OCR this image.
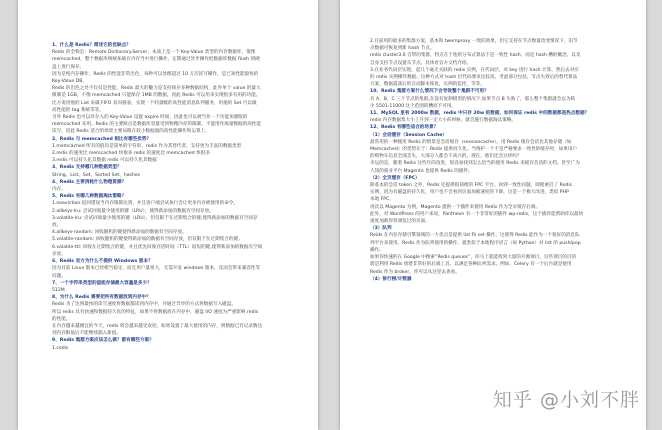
1、什么是 Redis？简述它的优缺点？

Redis 的全称是：Remote Dictionary.Server，本质上是一个 Key-Value 类型的内存数据库，很像

memcached，整个数据库统统加载在内存当中进行操作，定期通过异步操作把数据库数据 flush 到硬

盘上进行保存。

因为是纯内存操作，Redis 的性能非常出色，每秒可以处理超过 10 万次读写操作，是已知性能最快的

Key-Value DB。

Redis 的出色之处不仅仅是性能，Redis 最大的魅力是支持保存多种数据结构，此外单个 value 的最大

限制是 1GB，不像 memcached 只能保存 1MB 的数据，因此 Redis 可以用来实现很多有用的功能。

比方说用他的 List 来做 FIFO 双向链表，实现一个轻量级的高性能消息队列服务，用他的 Set 可以做

高性能的 tag 系统等等。

另外 Redis 也可以对存入的 Key-Value 设置 expire 时间，因此也可以被当作一个功能加强版的

memcached 来用。Redis 的主要缺点是数据库容量受到物理内存的限制，不能用作海量数据的高性能

读写，因此 Redis 适合的场景主要局限在较小数据量的高性能操作和运算上。

2、Redis 与 memcached 相比有哪些优势？

1.memcached 所有的值均是简单的字符串，redis 作为其替代者，支持更为丰富的数据类型

2.redis 的速度比 memcached 快很多 redis 的速度比 memcached 快很多

3.redis 可以持久化其数据 redis 可以持久化其数据

3、Redis 支持哪几种数据类型？

String、List、Set、Sorted Set、hashes

4、Redis 主要消耗什么物理资源？

内存。

5、Redis 有哪几种数据淘汰策略？

1.noeviction:返回错误当内存限制达到，并且客户端尝试执行会让更多内存被使用的命令。

2.allkeys-lru: 尝试回收最少使用的键（LRU），使得新添加的数据有空间存放。

3.volatile-lru: 尝试回收最少使用的键（LRU），但仅限于在过期集合的键,使得新添加的数据有空间存

放。

4.allkeys-random: 回收随机的键使得新添加的数据有空间存放。

5.volatile-random: 回收随机的键使得新添加的数据有空间存放，但仅限于在过期集合的键。

6.volatile-ttl: 回收在过期集合的键，并且优先回收存活时间（TTL）较短的键,使得新添加的数据有空间

存放。

6、Redis 官方为什么不提供 Windows 版本？

因为目前 Linux 版本已经相当稳定，而且用户量很大，无需开发 windows 版本，反而会带来兼容性等

问题。

7、一个字符串类型的值能存储最大容量是多少？

512M

8、为什么 Redis 需要把所有数据放到内存中？

Redis 为了达到最快的读写速度将数据都读到内存中，并通过异步的方式将数据写入磁盘。

所以 redis 具有快速和数据持久化的特征，如果不将数据放在内存中，磁盘 I/O 速度为严重影响 redis

的性能。

在内存越来越便宜的今天，redis 将会越来越受欢迎，如果设置了最大使用的内存，则数据已有记录数达

到内存限值后不能继续插入新值。

9、Redis 集群方案应该怎么做？都有哪些方案？

1.codis

2.目前用的最多的集群方案，基本和 twemproxy 一致的效果，但它支持在节点数量改变情况下，旧节

点数据可恢复到新 hash 节点。

redis cluster3.0 自带的集群，特点在于他的分布式算法不是一致性 hash，而是 hash 槽的概念，以及

自身支持节点设置从节点。具体看官方文档介绍。

3.在业务代码层实现，起几个毫无关联的 redis 实例，在代码层，对 key 进行 hash 计算，然后去对应

的 redis 实例操作数据。这种方式对 hash 层代码要求比较高，考虑部分包括，节点失效后的替代算法

方案，数据震荡后的自动脚本恢复，实例的监控，等等。

10、Redis 集群方案什么情况下会导致整个集群不可用？

有 A，B，C 三个节点的集群,在没有复制模型的情况下,如果节点 B 失败了，那么整个集群就会以为缺

少 5501-11000 这个范围的槽而不可用。

11、MySQL 里有 2000w 数据，redis 中只存 20w 的数据，如何保证 redis 中的数据都是热点数据？

redis 内存数据集大小上升到一定大小的时候，就会施行数据淘汰策略。

12、Redis 有哪些适合的场景？

（1）会话缓存（Session Cache）

最常用的一种使用 Redis 的情景是会话缓存（sessioncache）。用 Redis 缓存会话比其他存储（如

Memcached）的优势在于：Redis 提供持久化。当维护一个不是严格要求一致性的缓存时，如果用户

的购物车信息全部丢失，大部分人都会不高兴的，现在，他们还会这样吗？

幸运的是，随着 Redis 这些年的改进，很容易找到怎么恰当的使用 Redis 来缓存会话的文档。甚至广为

人知的商业平台 Magento 也提供 Redis 的插件。

（2）全页缓存（FPC）

除基本的会话 token 之外，Redis 还提供很简便的 FPC 平台。回到一致性问题，即使重启了 Redis

实例，因为有磁盘的持久化，用户也不会看到页面加载速度的下降，这是一个极大改进，类似 PHP

本地 FPC。

再次以 Magento 为例，Magento 提供一个插件来使用 Redis 作为全页缓存后端。

此外，对 WordPress 的用户来说，Pantheon 有一个非常好的插件 wp-redis，这个插件能帮助你以最快

速度加载你曾浏览过的页面。

（3）队列

Reids 在内存存储引擎领域的一大优点是提供 list 和 set 操作，这使得 Redis 能作为一个很好的消息队

列平台来使用。Redis 作为队列使用的操作，就类似于本地程序语言（如 Python）对 list 的 push/pop

操作。

如果你快速的在 Google 中搜索“Redis queues”，你马上就能找到大量的开源项目，这些项目的目的

就是利用 Redis 创建非常好的后端工具，以满足各种队列需求。例如，Celery 有一个后台就是使用

Redis 作为 broker，你可以从这里去查看。

（4）排行榜/计数器

知乎 @小刘不胖
